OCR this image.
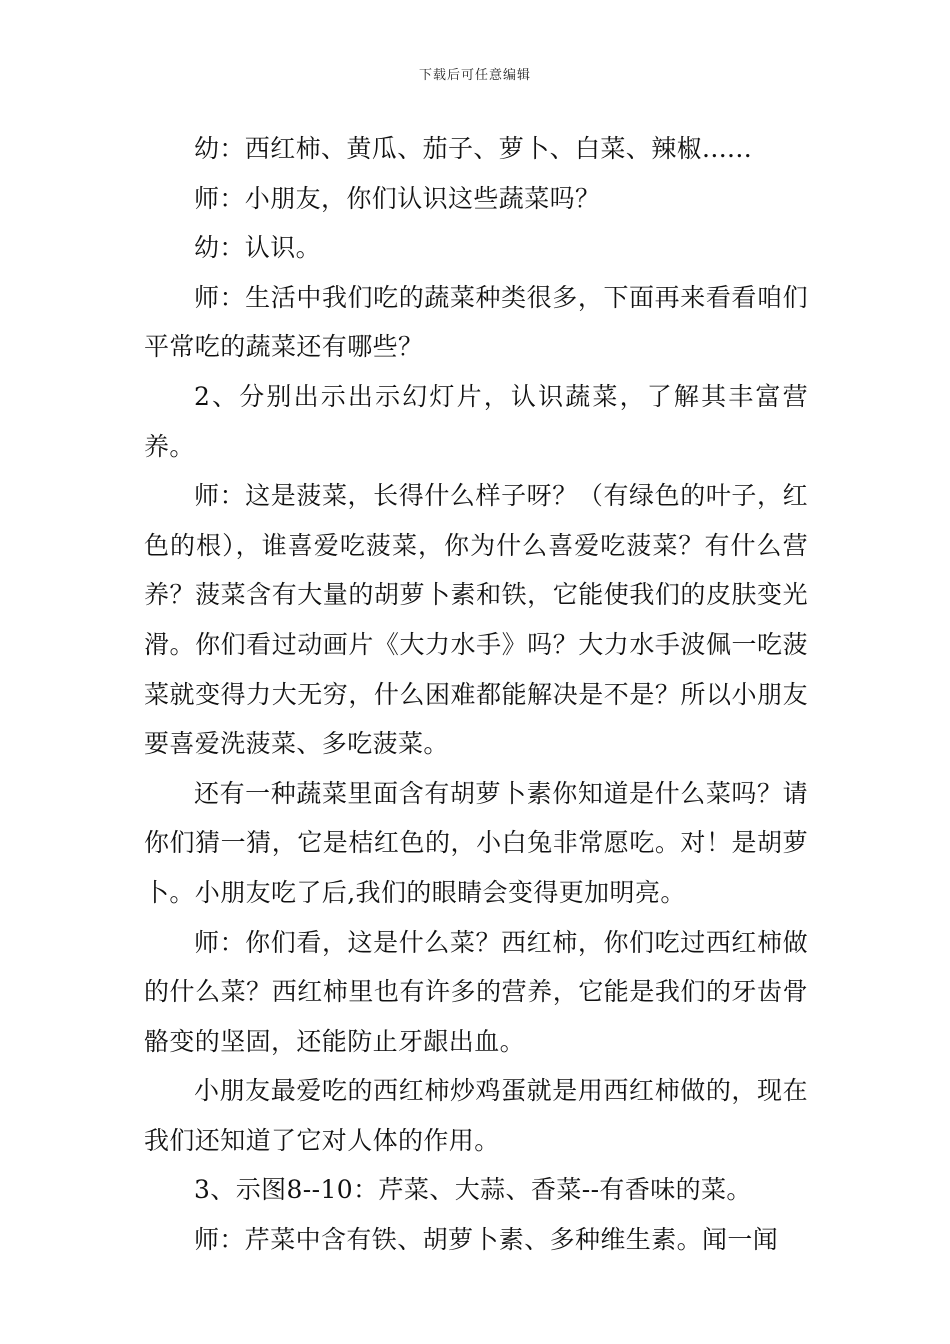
下载后可任意编辑

幼：西红柿、黄瓜、茄子、萝卜、白菜、辣椒......

师：小朋友，你们认识这些蔬菜吗？

幼：认识。

师：生活中我们吃的蔬菜种类很多，下面再来看看咱们平常吃的蔬菜还有哪些？

2、分别出示出示幻灯片，认识蔬菜，了解其丰富营养。

师：这是菠菜，长得什么样子呀？（有绿色的叶子，红色的根），谁喜爱吃菠菜，你为什么喜爱吃菠菜？有什么营养？菠菜含有大量的胡萝卜素和铁，它能使我们的皮肤变光滑。你们看过动画片《大力水手》吗？大力水手波佩一吃菠菜就变得力大无穷，什么困难都能解决是不是？所以小朋友要喜爱洗菠菜、多吃菠菜。

还有一种蔬菜里面含有胡萝卜素你知道是什么菜吗？请你们猜一猜，它是桔红色的，小白兔非常愿吃。对！是胡萝卜。小朋友吃了后,我们的眼睛会变得更加明亮。

师：你们看，这是什么菜？西红柿，你们吃过西红柿做的什么菜？西红柿里也有许多的营养，它能是我们的牙齿骨骼变的坚固，还能防止牙龈出血。

小朋友最爱吃的西红柿炒鸡蛋就是用西红柿做的，现在我们还知道了它对人体的作用。

3、示图8--10：芹菜、大蒜、香菜--有香味的菜。

师：芹菜中含有铁、胡萝卜素、多种维生素。闻一闻
